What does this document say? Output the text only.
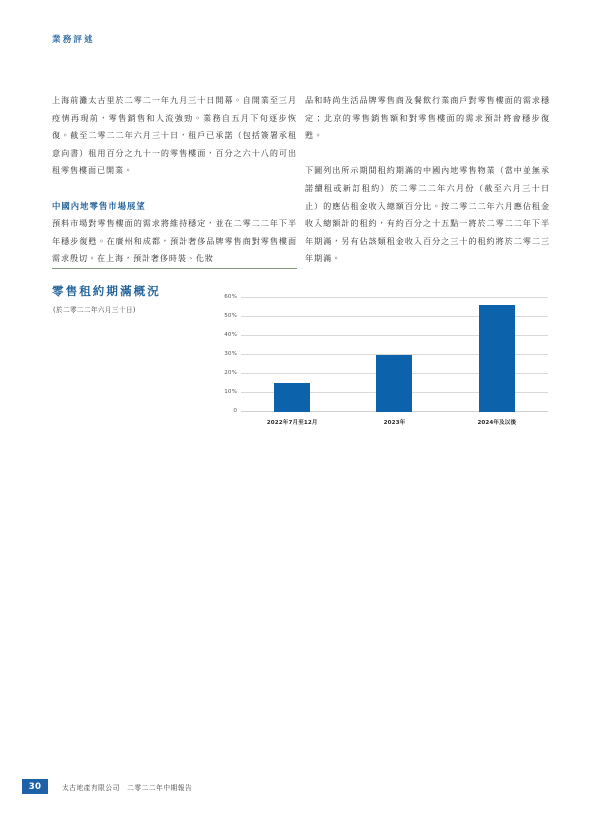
業務評述

上海前灘太古里於二零二一年九月三十日開幕。自開業至三月疫情再現前，零售銷售和人流強勁。業務自五月下旬逐步恢復。截至二零二二年六月三十日，租戶已承諾（包括簽署承租意向書）租用百分之九十一的零售樓面，百分之六十八的可出租零售樓面已開業。

中國內地零售市場展望

預料市場對零售樓面的需求將維持穩定，並在二零二二年下半年穩步復甦。在廣州和成都，預計奢侈品牌零售商對零售樓面需求殷切。在上海，預計奢侈時裝、化妝

品和時尚生活品牌零售商及餐飲行業商戶對零售樓面的需求穩定；北京的零售銷售額和對零售樓面的需求預計將會穩步復甦。

下圖列出所示期間租約期滿的中國內地零售物業（當中並無承諾續租或新訂租約）於二零二二年六月份（截至六月三十日止）的應佔租金收入總額百分比。按二零二二年六月應佔租金收入總額計的租約，有約百分之十五點一將於二零二二年下半年期滿，另有佔該類租金收入百分之三十的租約將於二零二三年期滿。

零售租約期滿概況
(於二零二二年六月三十日)
0
10%
20%
30%
40%
50%
60%
2022年7月至12月	2023年	2024年及以後
30	太古地產有限公司　二零二二年中期報告
